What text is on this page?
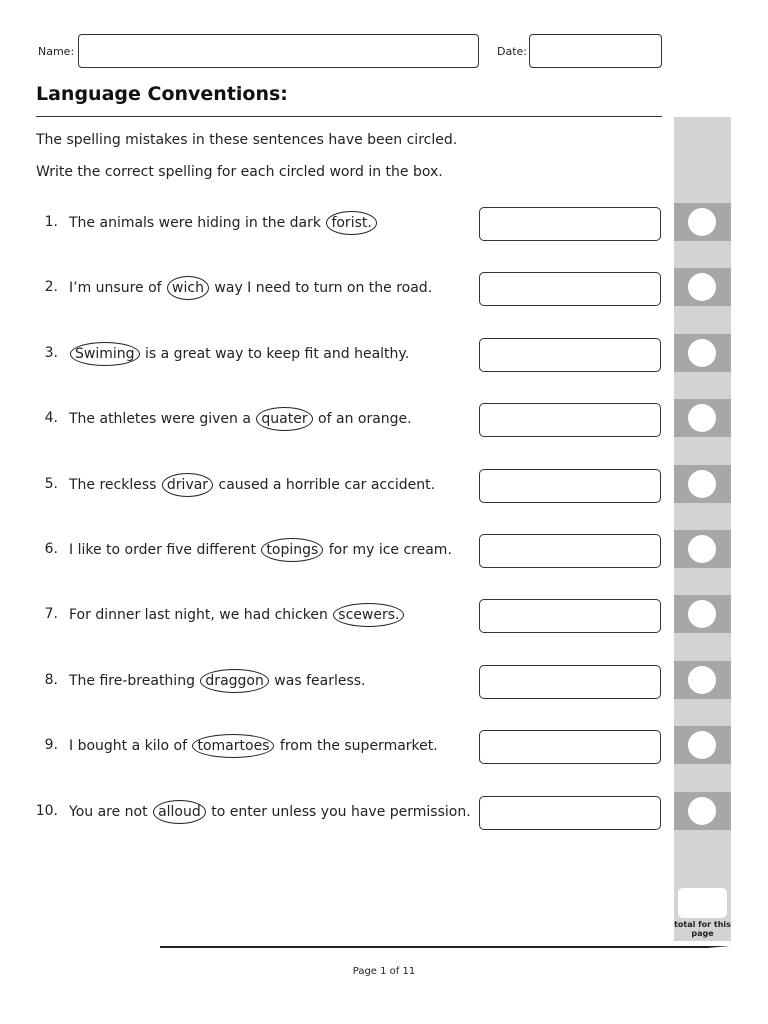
Name:	Date:
Language Conventions:

The spelling mistakes in these sentences have been circled.

Write the correct spelling for each circled word in the box.

1. The animals were hiding in the dark forist.
2. I’m unsure of wich way I need to turn on the road.
3.	Swiming is a great way to keep fit and healthy.
4. The athletes were given a quater of an orange.
5. The reckless drivar caused a horrible car accident.
6. I like to order five different topings for my ice cream.
7. For dinner last night, we had chicken scewers.
8. The fire-breathing draggon was fearless.
9. I bought a kilo of tomartoes from the supermarket.
10. You are not alloud to enter unless you have permission.
total for this page
Page 1 of 11
